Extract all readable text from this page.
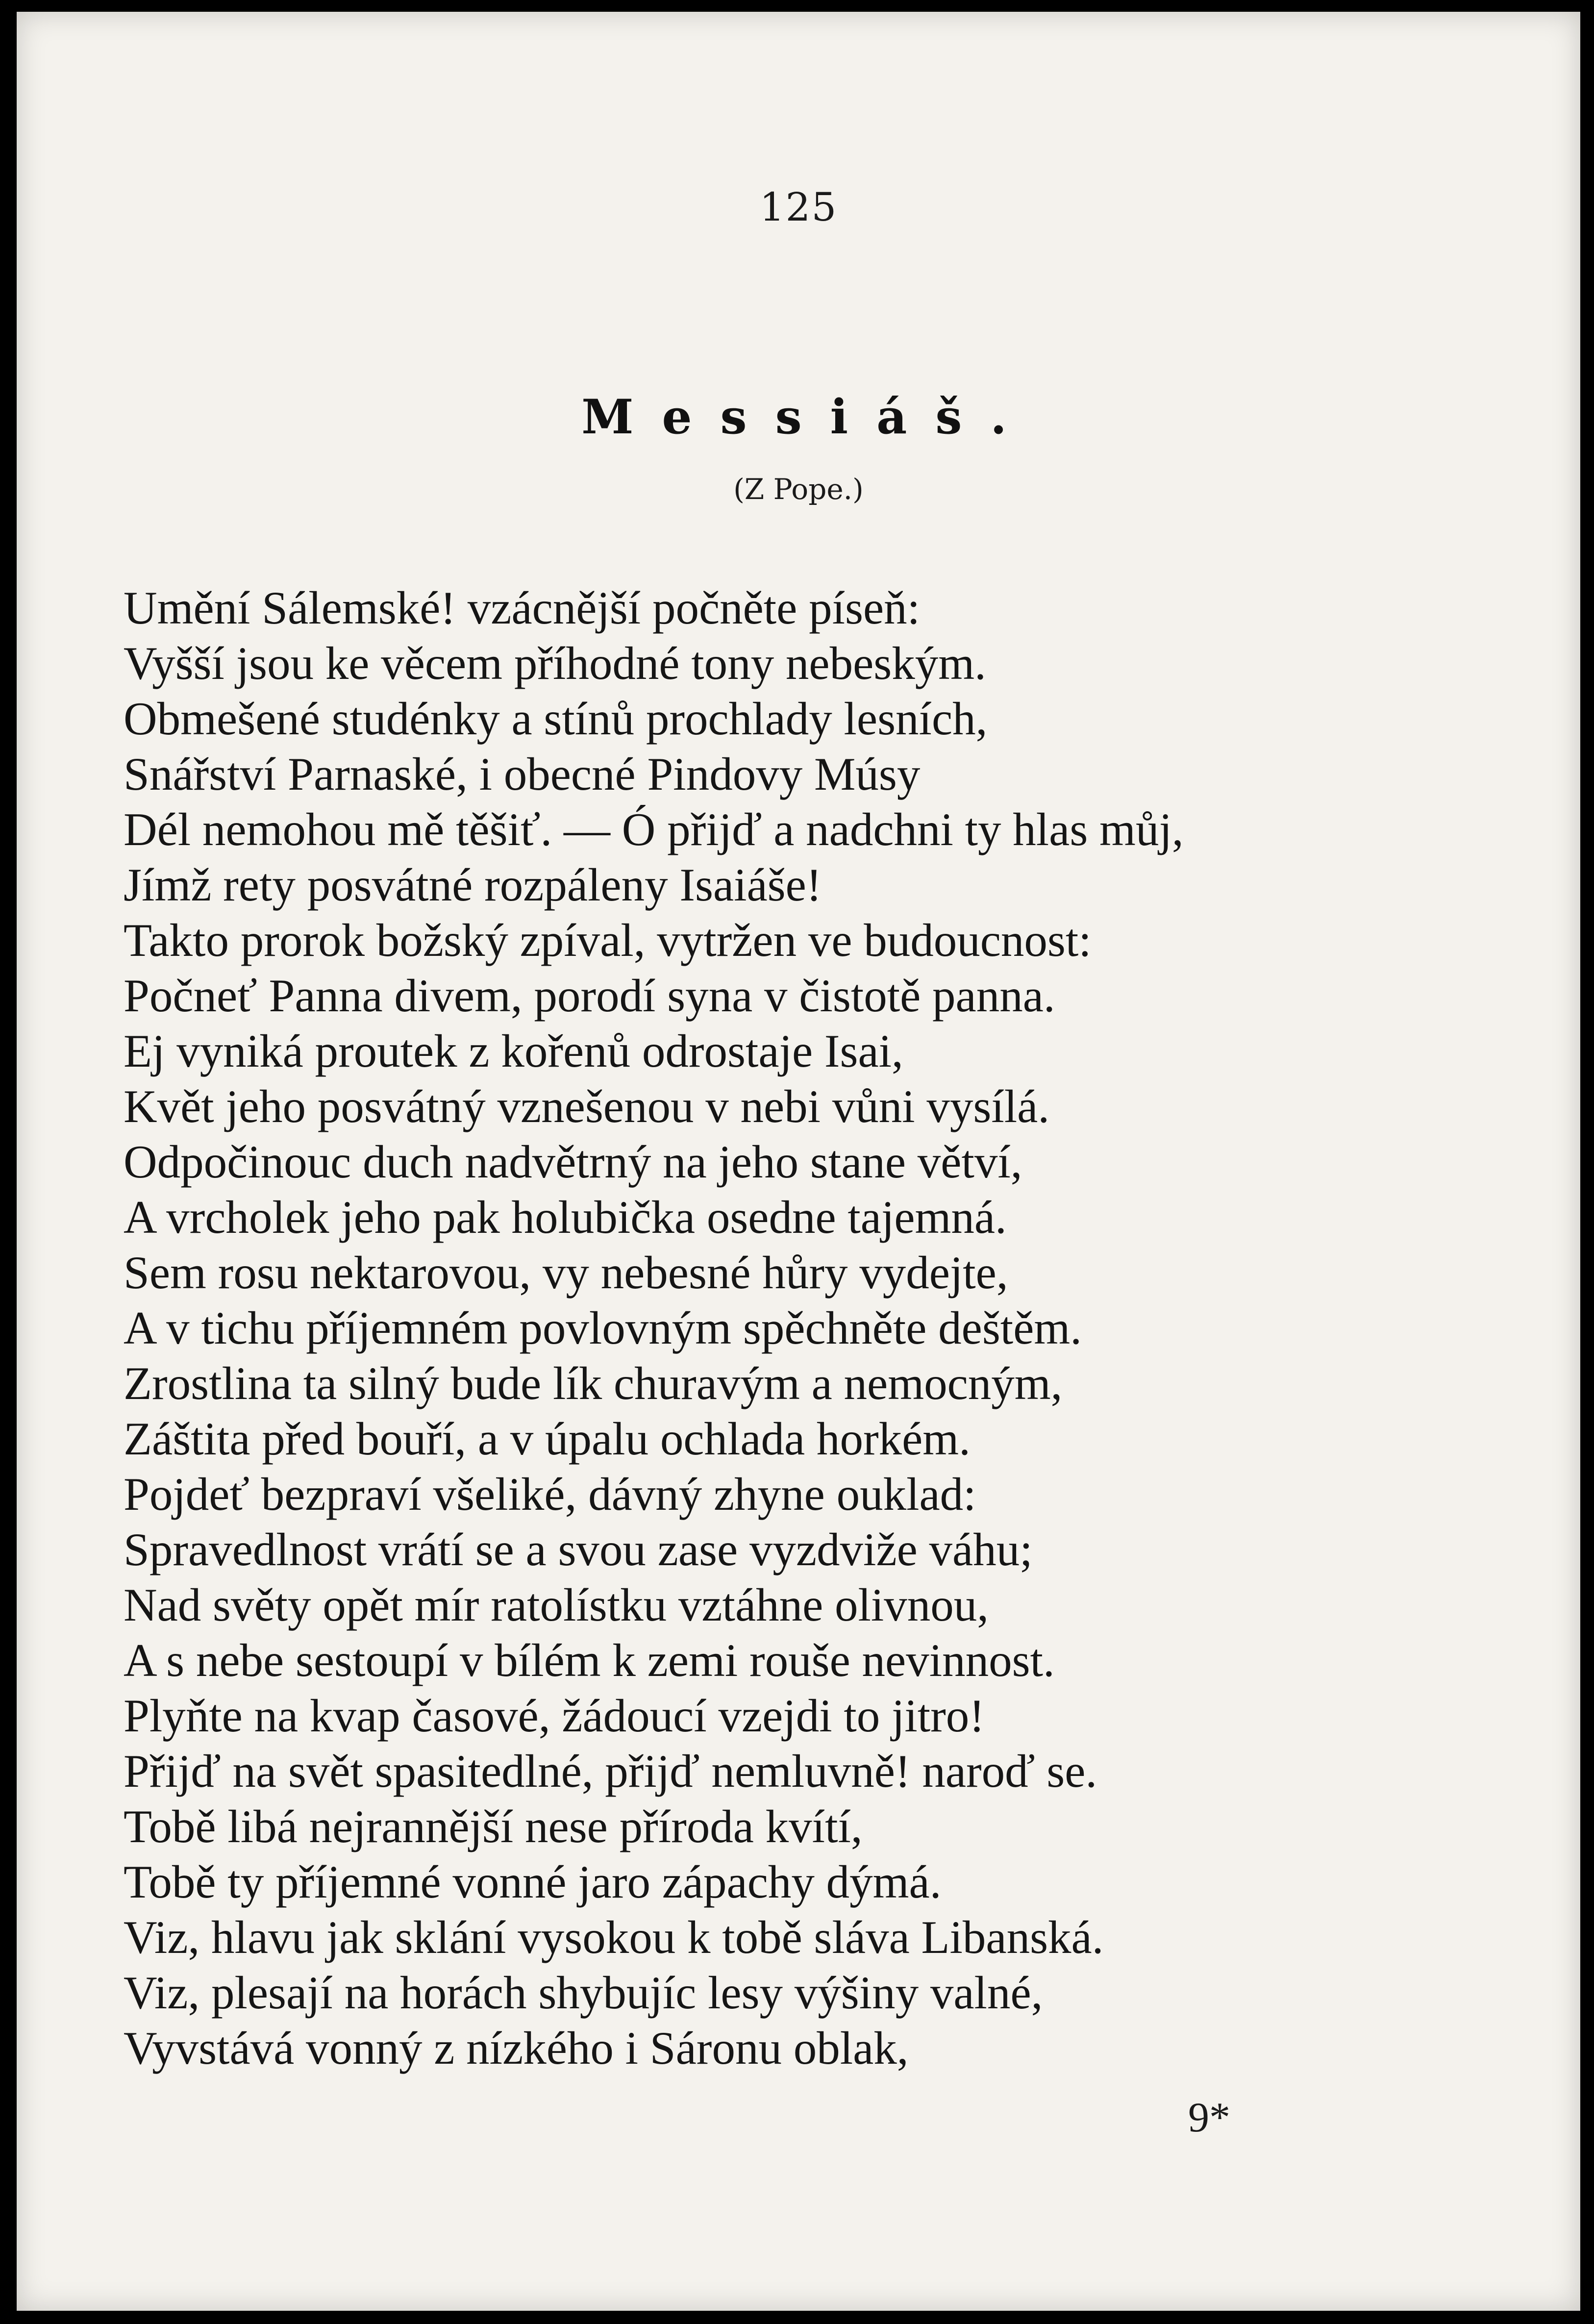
125
Messiáš.
(Z Pope.)
Umění Sálemské! vzácnější počněte píseň:
Vyšší jsou ke věcem příhodné tony nebeským.
Obmešené studénky a stínů prochlady lesních,
Snářství Parnaské, i obecné Pindovy Músy
Dél nemohou mě těšiť. — Ó přijď a nadchni ty hlas můj,
Jímž rety posvátné rozpáleny Isaiáše!
Takto prorok božský zpíval, vytržen ve budoucnost:
Počneť Panna divem, porodí syna v čistotě panna.
Ej vyniká proutek z kořenů odrostaje Isai,
Květ jeho posvátný vznešenou v nebi vůni vysílá.
Odpočinouc duch nadvětrný na jeho stane větví,
A vrcholek jeho pak holubička osedne tajemná.
Sem rosu nektarovou, vy nebesné hůry vydejte,
A v tichu příjemném povlovným spěchněte deštěm.
Zrostlina ta silný bude lík churavým a nemocným,
Záštita před bouří, a v úpalu ochlada horkém.
Pojdeť bezpraví všeliké, dávný zhyne ouklad:
Spravedlnost vrátí se a svou zase vyzdviže váhu;
Nad světy opět mír ratolístku vztáhne olivnou,
A s nebe sestoupí v bílém k zemi rouše nevinnost.
Plyňte na kvap časové, žádoucí vzejdi to jitro!
Přijď na svět spasitedlné, přijď nemluvně! naroď se.
Tobě libá nejrannější nese příroda kvítí,
Tobě ty příjemné vonné jaro zápachy dýmá.
Viz, hlavu jak sklání vysokou k tobě sláva Libanská.
Viz, plesají na horách shybujíc lesy výšiny valné,
Vyvstává vonný z nízkého i Sáronu oblak,
9*
